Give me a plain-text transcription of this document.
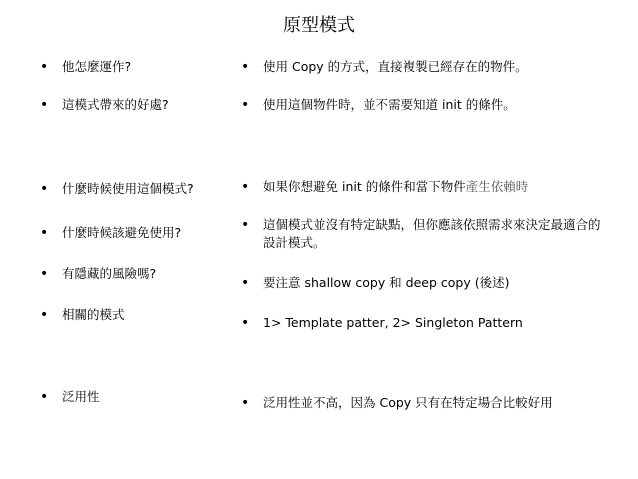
原型模式
•	他怎麼運作?
•	這模式帶來的好處?
•	什麼時候使用這個模式?
•	什麼時候該避免使用?
•	有隱藏的風險嗎?
•	相關的模式
•	泛用性
•	使用 Copy 的方式，直接複製已經存在的物件。
•	使用這個物件時，並不需要知道 init 的條件。
•	如果你想避免 init 的條件和當下物件產生依賴時
•	這個模式並沒有特定缺點，但你應該依照需求來決定最適合的設計模式。
•	要注意 shallow copy 和 deep copy (後述)
•	1> Template patter, 2> Singleton Pattern
•	泛用性並不高，因為 Copy 只有在特定場合比較好用
